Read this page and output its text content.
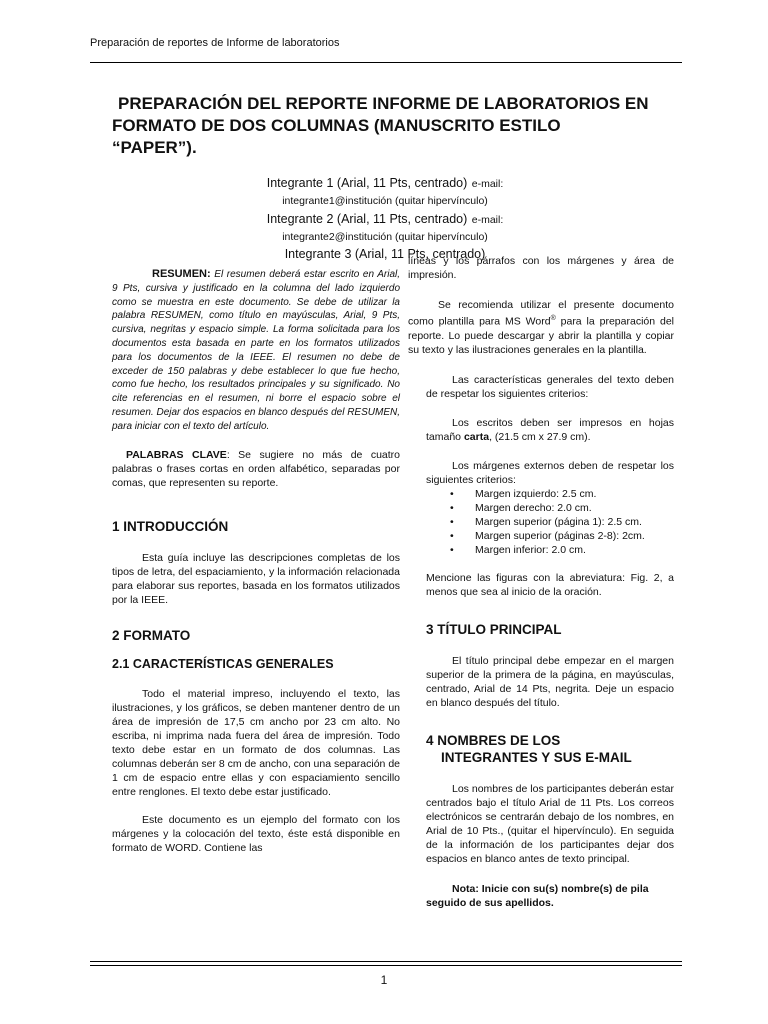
Preparación de reportes de Informe de laboratorios
PREPARACIÓN DEL REPORTE INFORME DE LABORATORIOS EN
FORMATO DE DOS COLUMNAS (MANUSCRITO ESTILO
“PAPER”).
Integrante 1 (Arial, 11 Pts, centrado) e-mail:
integrante1@institución (quitar hipervínculo)
Integrante 2 (Arial, 11 Pts, centrado) e-mail:
integrante2@institución (quitar hipervínculo)
Integrante 3 (Arial, 11 Pts, centrado)

RESUMEN: El resumen deberá estar escrito en Arial, 9 Pts, cursiva y justificado en la columna del lado izquierdo como se muestra en este documento. Se debe de utilizar la palabra RESUMEN, como título en mayúsculas, Arial, 9 Pts, cursiva, negritas y espacio simple. La forma solicitada para los documentos esta basada en parte en los formatos utilizados para los documentos de la IEEE. El resumen no debe de exceder de 150 palabras y debe establecer lo que fue hecho, como fue hecho, los resultados principales y su significado. No cite referencias en el resumen, ni borre el espacio sobre el resumen. Dejar dos espacios en blanco después del RESUMEN, para iniciar con el texto del artículo.

PALABRAS CLAVE: Se sugiere no más de cuatro palabras o frases cortas en orden alfabético, separadas por comas, que representen su reporte.

1 INTRODUCCIÓN

Esta guía incluye las descripciones completas de los tipos de letra, del espaciamiento, y la información relacionada para elaborar sus reportes, basada en los formatos utilizados por la IEEE.

2 FORMATO
2.1 CARACTERÍSTICAS GENERALES

Todo el material impreso, incluyendo el texto, las ilustraciones, y los gráficos, se deben mantener dentro de un área de impresión de 17,5 cm ancho por 23 cm alto. No escriba, ni imprima nada fuera del área de impresión. Todo texto debe estar en un formato de dos columnas. Las columnas deberán ser 8 cm de ancho, con una separación de 1 cm de espacio entre ellas y con espaciamiento sencillo entre renglones. El texto debe estar justificado.

Este documento es un ejemplo del formato con los márgenes y la colocación del texto, éste está disponible en formato de WORD. Contiene las

líneas y los párrafos con los márgenes y área de impresión.

Se recomienda utilizar el presente documento como plantilla para MS Word® para la preparación del reporte. Lo puede descargar y abrir la plantilla y copiar su texto y las ilustraciones generales en la plantilla.

Las características generales del texto deben de respetar los siguientes criterios:

Los escritos deben ser impresos en hojas tamaño carta, (21.5 cm x 27.9 cm).

Los márgenes externos deben de respetar los siguientes criterios:

• Margen izquierdo: 2.5 cm.
• Margen derecho: 2.0 cm.
• Margen superior (página 1): 2.5 cm.
• Margen superior (páginas 2-8): 2cm.
• Margen inferior: 2.0 cm.

Mencione las figuras con la abreviatura: Fig. 2, a menos que sea al inicio de la oración.

3 TÍTULO PRINCIPAL

El título principal debe empezar en el margen superior de la primera de la página, en mayúsculas, centrado, Arial de 14 Pts, negrita. Deje un espacio en blanco después del título.

4 NOMBRES DE LOS
INTEGRANTES Y SUS E-MAIL

Los nombres de los participantes deberán estar centrados bajo el título Arial de 11 Pts. Los correos electrónicos se centrarán debajo de los nombres, en Arial de 10 Pts., (quitar el hipervínculo). En seguida de la información de los participantes dejar dos espacios en blanco antes de texto principal.

Nota: Inicie con su(s) nombre(s) de pila seguido de sus apellidos.

1
